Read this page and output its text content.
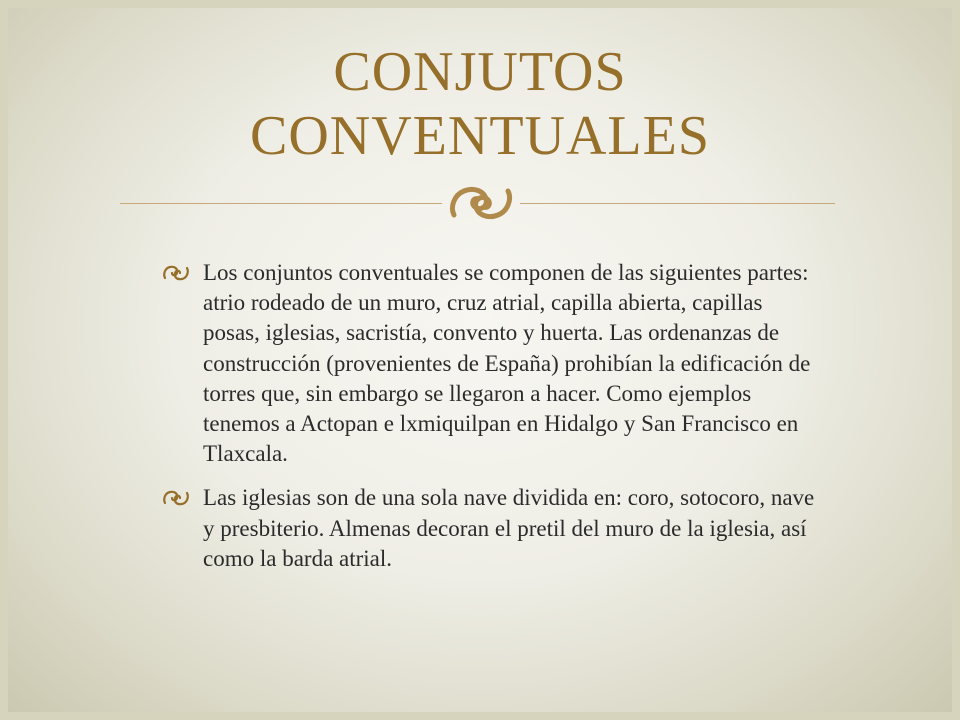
CONJUTOS
CONVENTUALES
Los conjuntos conventuales se componen de las siguientes partes: atrio rodeado de un muro, cruz atrial, capilla abierta, capillas posas, iglesias, sacristía, convento y huerta. Las ordenanzas de construcción (provenientes de España) prohibían la edificación de torres que, sin embargo se llegaron a hacer. Como ejemplos tenemos a Actopan e lxmiquilpan en Hidalgo y San Francisco en Tlaxcala.
Las iglesias son de una sola nave dividida en: coro, sotocoro, nave y presbiterio. Almenas decoran el pretil del muro de la iglesia, así como la barda atrial.
